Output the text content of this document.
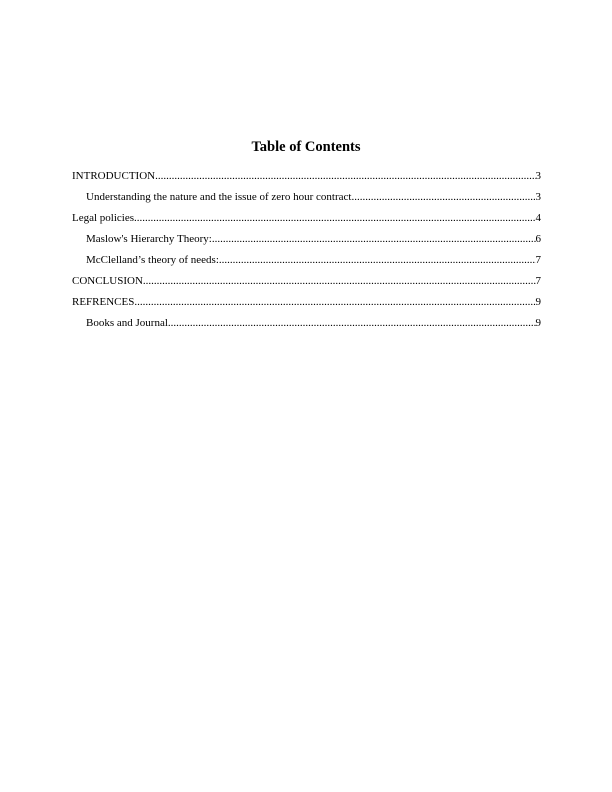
Table of Contents
INTRODUCTION .....	3
Understanding the nature and the issue of zero hour contract .....	3
Legal policies .....	4
Maslow's Hierarchy Theory: .....	6
McClelland’s theory of needs: .....	7
CONCLUSION .....	7
REFRENCES .....	9
Books and Journal .....	9
